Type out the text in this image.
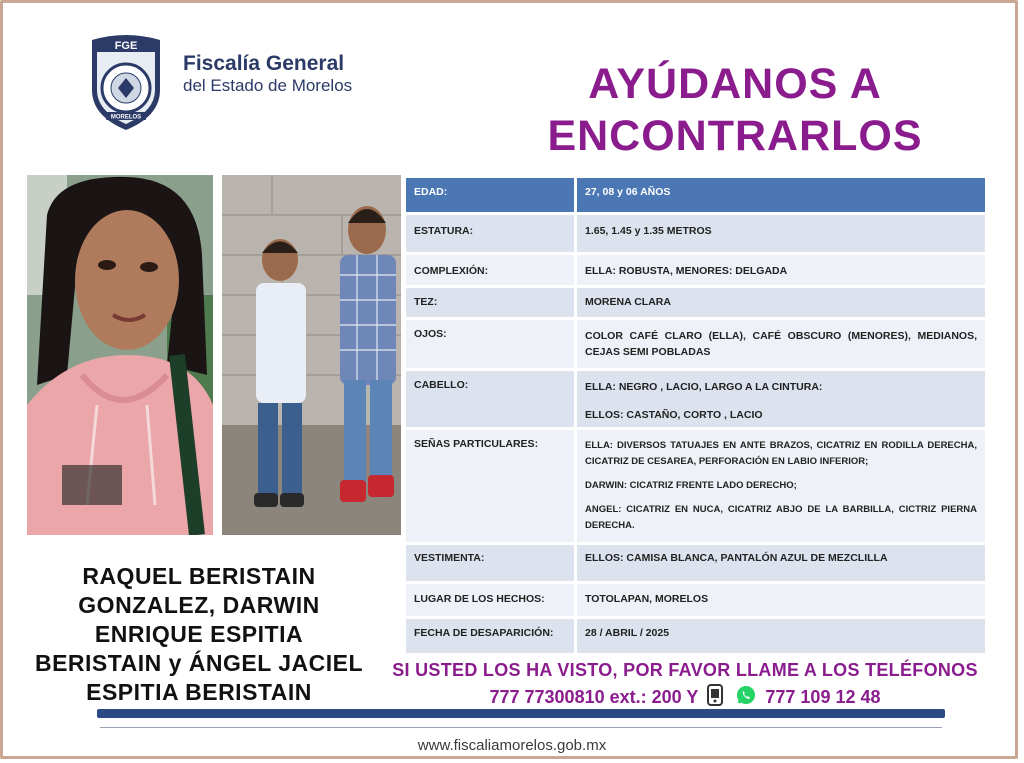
MORELOS
FGE
Fiscalía General
del Estado de Morelos	AYÚDANOS A
ENCONTRARLOS
RAQUEL BERISTAIN
GONZALEZ, DARWIN
ENRIQUE ESPITIA
BERISTAIN y ÁNGEL JACIEL
ESPITIA BERISTAIN
EDAD:	27, 08 y 06 AÑOS
ESTATURA:	1.65, 1.45 y 1.35 METROS
COMPLEXIÓN:	ELLA: ROBUSTA, MENORES: DELGADA
TEZ:	MORENA CLARA
OJOS:	COLOR CAFÉ CLARO (ELLA), CAFÉ OBSCURO (MENORES), MEDIANOS, CEJAS SEMI POBLADAS

CABELLO:	ELLA: NEGRO , LACIO, LARGO A LA CINTURA:
ELLOS: CASTAÑO, CORTO , LACIO

SEÑAS PARTICULARES:	ELLA: DIVERSOS TATUAJES EN ANTE BRAZOS, CICATRIZ EN RODILLA DERECHA, CICATRIZ DE CESAREA, PERFORACIÓN EN LABIO INFERIOR;
DARWIN: CICATRIZ FRENTE LADO DERECHO;
ANGEL: CICATRIZ EN NUCA, CICATRIZ ABJO DE LA BARBILLA, CICTRIZ PIERNA DERECHA.

VESTIMENTA:	ELLOS: CAMISA BLANCA, PANTALÓN AZUL DE MEZCLILLA
LUGAR DE LOS HECHOS:	TOTOLAPAN, MORELOS
FECHA DE DESAPARICIÓN:	28 / ABRIL / 2025
SI USTED LOS HA VISTO, POR FAVOR LLAME A LOS TELÉFONOS
777 77300810 ext.: 200 Y	777 109 12 48
www.fiscaliamorelos.gob.mx
